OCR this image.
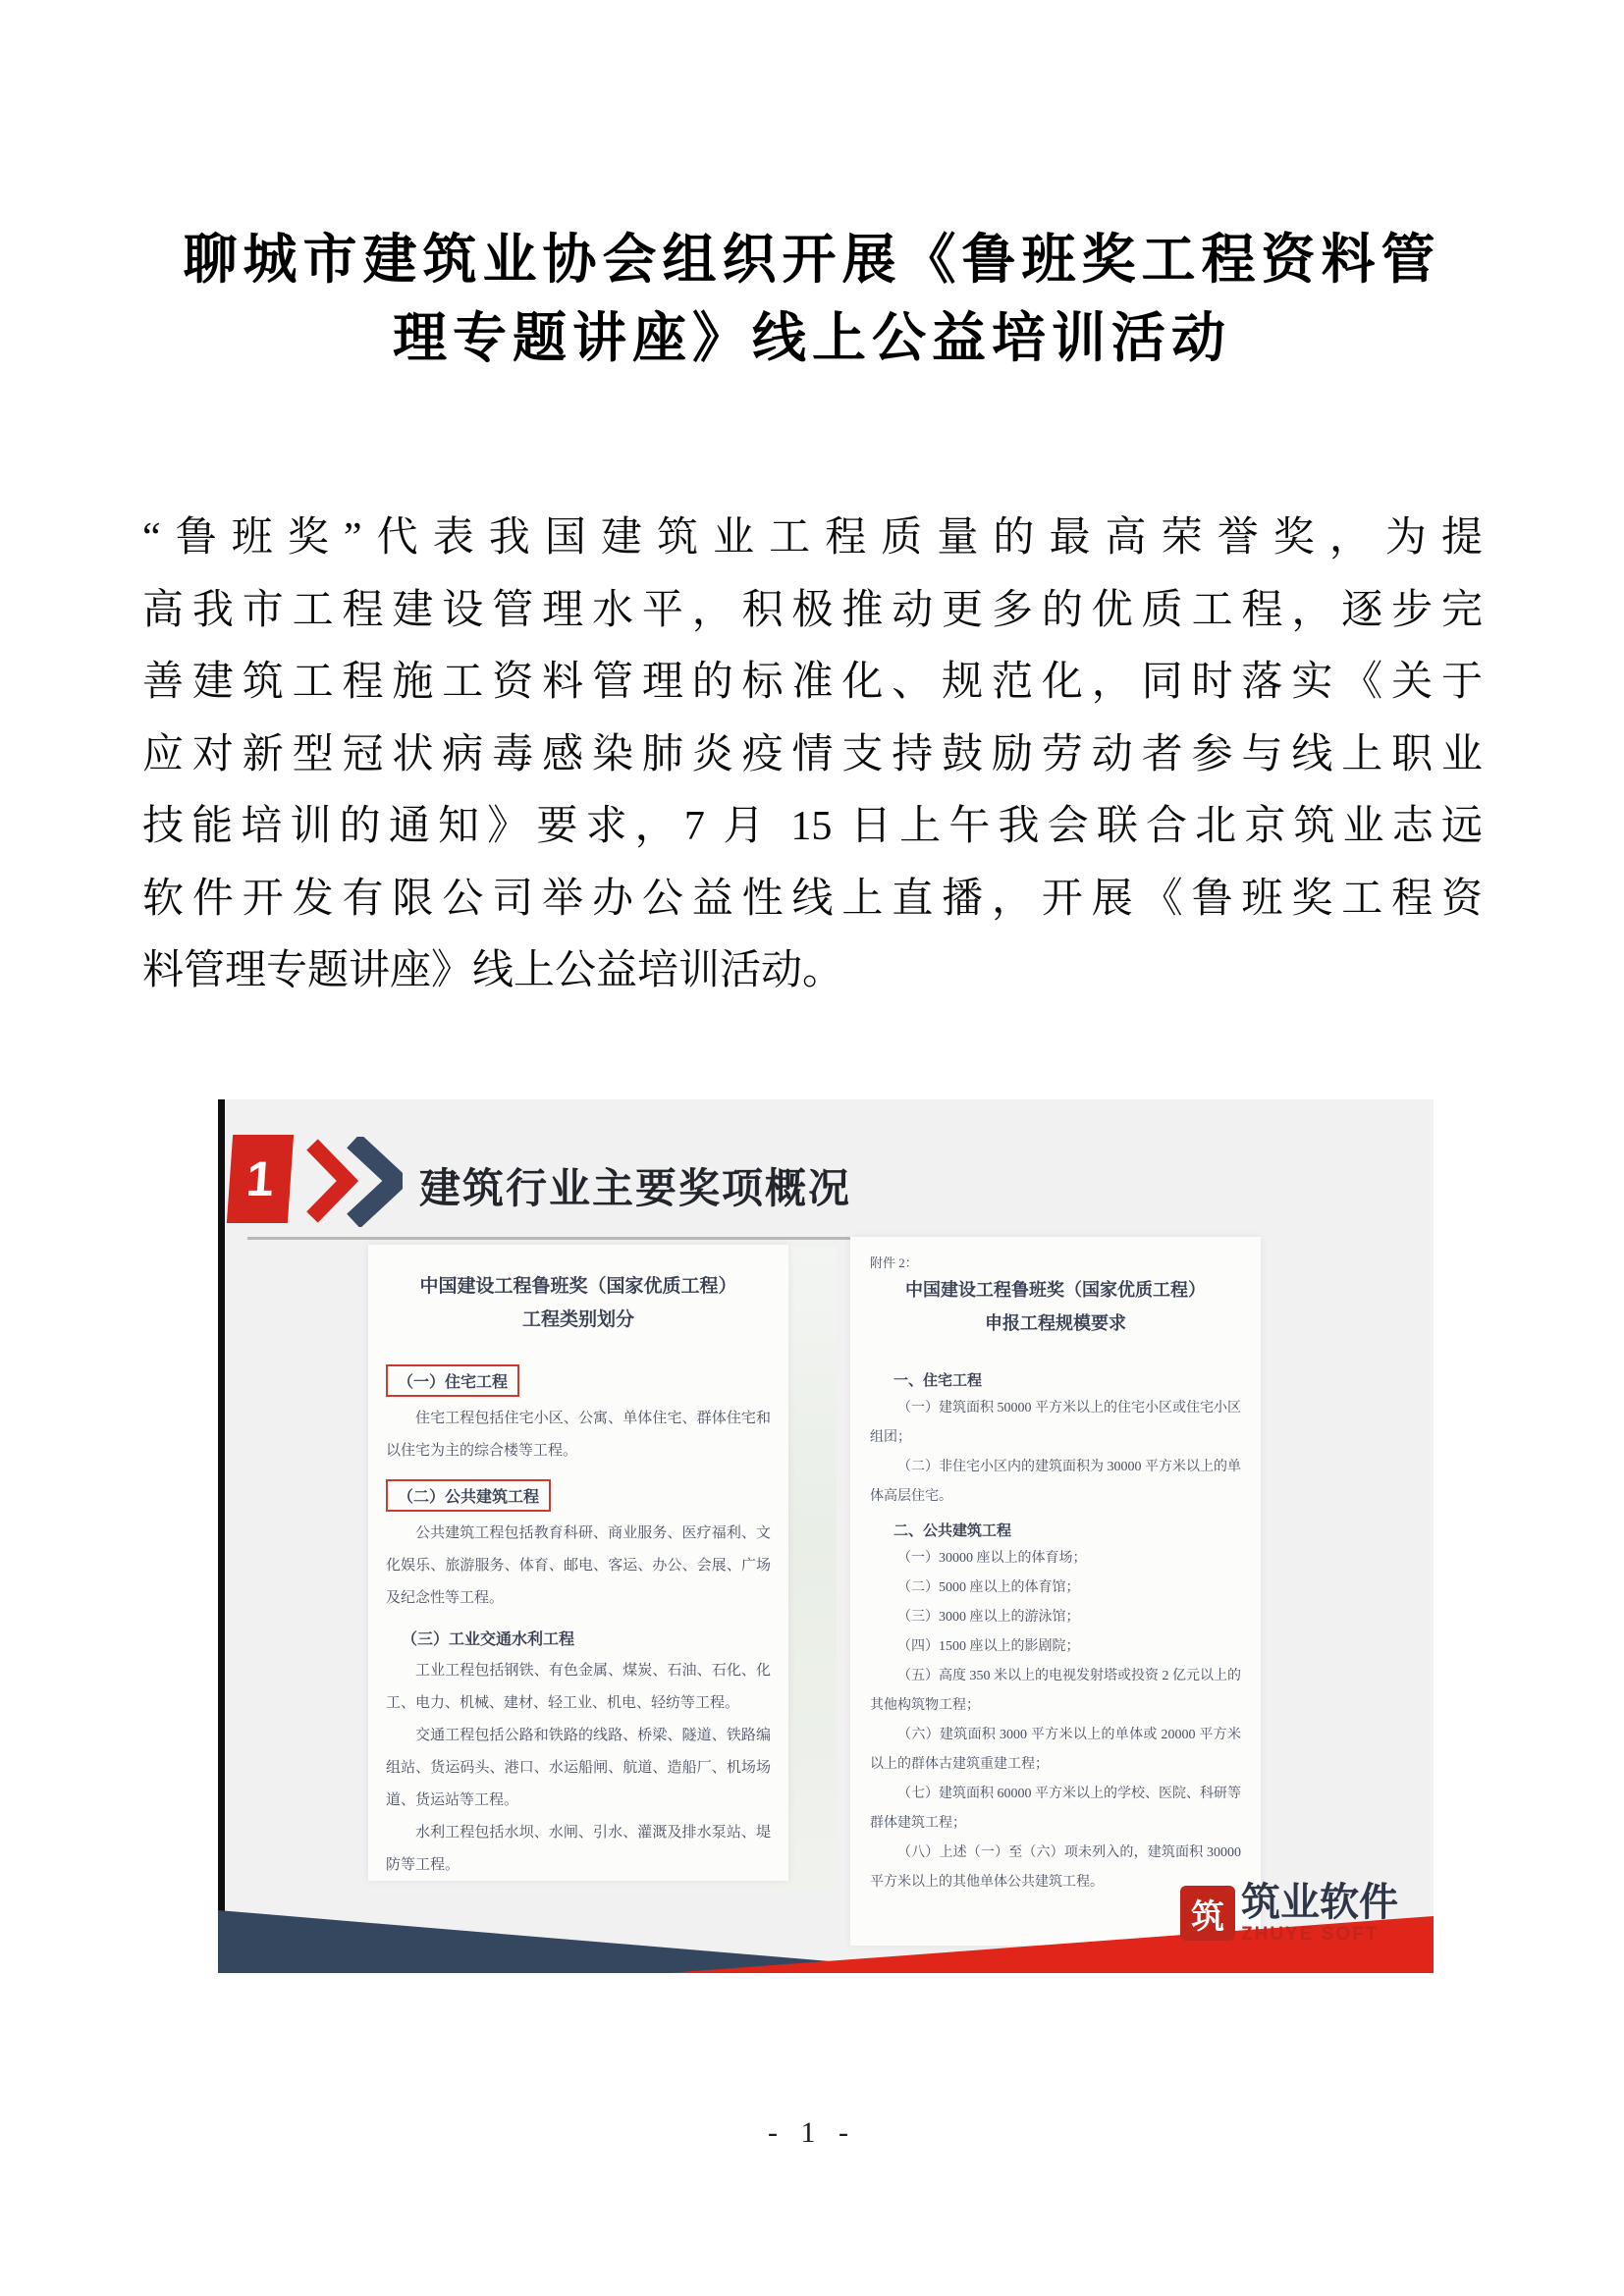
聊城市建筑业协会组织开展《鲁班奖工程资料管
理专题讲座》线上公益培训活动
“鲁班奖”代表我国建筑业工程质量的最高荣誉奖，为提
高我市工程建设管理水平，积极推动更多的优质工程，逐步完
善建筑工程施工资料管理的标准化、规范化，同时落实《关于
应对新型冠状病毒感染肺炎疫情支持鼓励劳动者参与线上职业
技能培训的通知》要求，7 月 15 日上午我会联合北京筑业志远
软件开发有限公司举办公益性线上直播，开展《鲁班奖工程资
料管理专题讲座》线上公益培训活动。
1	建筑行业主要奖项概况
中国建设工程鲁班奖（国家优质工程）
工程类别划分
（一）住宅工程

住宅工程包括住宅小区、公寓、单体住宅、群体住宅和以住宅为主的综合楼等工程。

（二）公共建筑工程

公共建筑工程包括教育科研、商业服务、医疗福利、文化娱乐、旅游服务、体育、邮电、客运、办公、会展、广场及纪念性等工程。

（三）工业交通水利工程

工业工程包括钢铁、有色金属、煤炭、石油、石化、化工、电力、机械、建材、轻工业、机电、轻纺等工程。

交通工程包括公路和铁路的线路、桥梁、隧道、铁路编组站、货运码头、港口、水运船闸、航道、造船厂、机场场道、货运站等工程。

水利工程包括水坝、水闸、引水、灌溉及排水泵站、堤防等工程。

附件 2：

中国建设工程鲁班奖（国家优质工程）
申报工程规模要求
一、住宅工程

（一）建筑面积 50000 平方米以上的住宅小区或住宅小区组团；

（二）非住宅小区内的建筑面积为 30000 平方米以上的单体高层住宅。

二、公共建筑工程

（一）30000 座以上的体育场；

（二）5000 座以上的体育馆；

（三）3000 座以上的游泳馆；

（四）1500 座以上的影剧院；

（五）高度 350 米以上的电视发射塔或投资 2 亿元以上的其他构筑物工程；

（六）建筑面积 3000 平方米以上的单体或 20000 平方米以上的群体古建筑重建工程；

（七）建筑面积 60000 平方米以上的学校、医院、科研等群体建筑工程；

（八）上述（一）至（六）项未列入的，建筑面积 30000 平方米以上的其他单体公共建筑工程。

筑 筑业软件
ZHUYE SOFT
- 1 -
